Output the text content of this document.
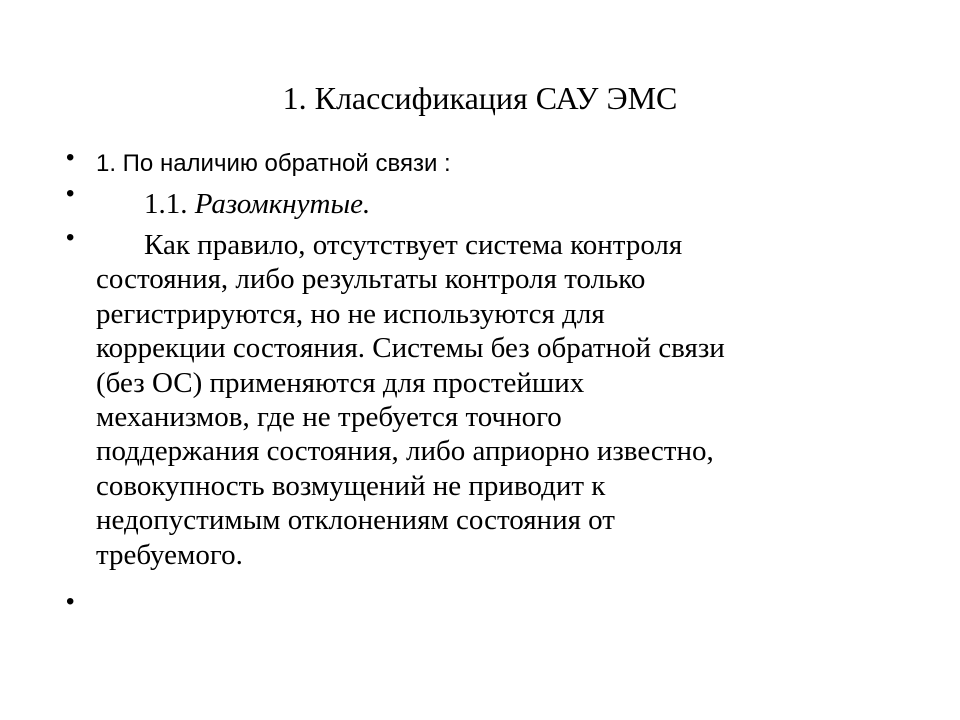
1. Классификация САУ ЭМС
•
•
•
•
1. По наличию обратной связи :
1.1. Разомкнутые.
Как правило, отсутствует система контроля
состояния, либо результаты контроля только
регистрируются, но не используются для
коррекции состояния. Системы без обратной связи
(без ОС) применяются для простейших
механизмов, где не требуется точного
поддержания состояния, либо априорно известно,
совокупность возмущений не приводит к
недопустимым отклонениям состояния от
требуемого.
